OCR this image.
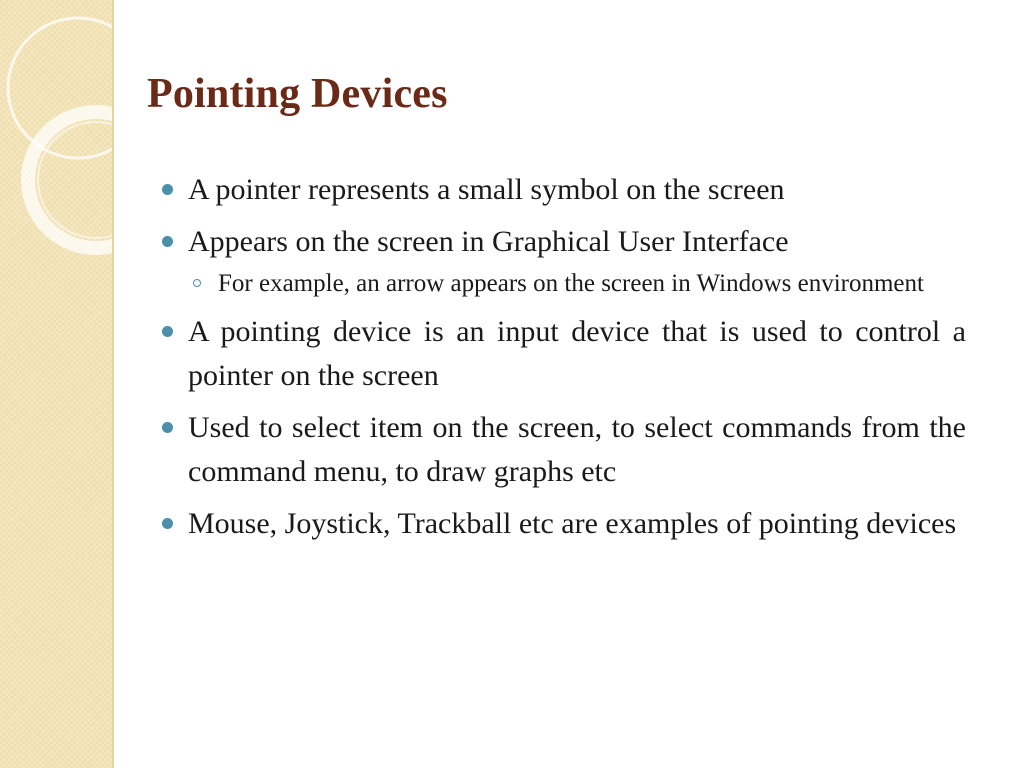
Pointing Devices
A pointer represents a small symbol on the screen
Appears on the screen in Graphical User Interface
For example, an arrow appears on the screen in Windows environment
A pointing device is an input device that is used to control a pointer on the screen
Used to select item on the screen, to select commands from the command menu, to draw graphs etc
Mouse, Joystick, Trackball etc are examples of pointing devices
